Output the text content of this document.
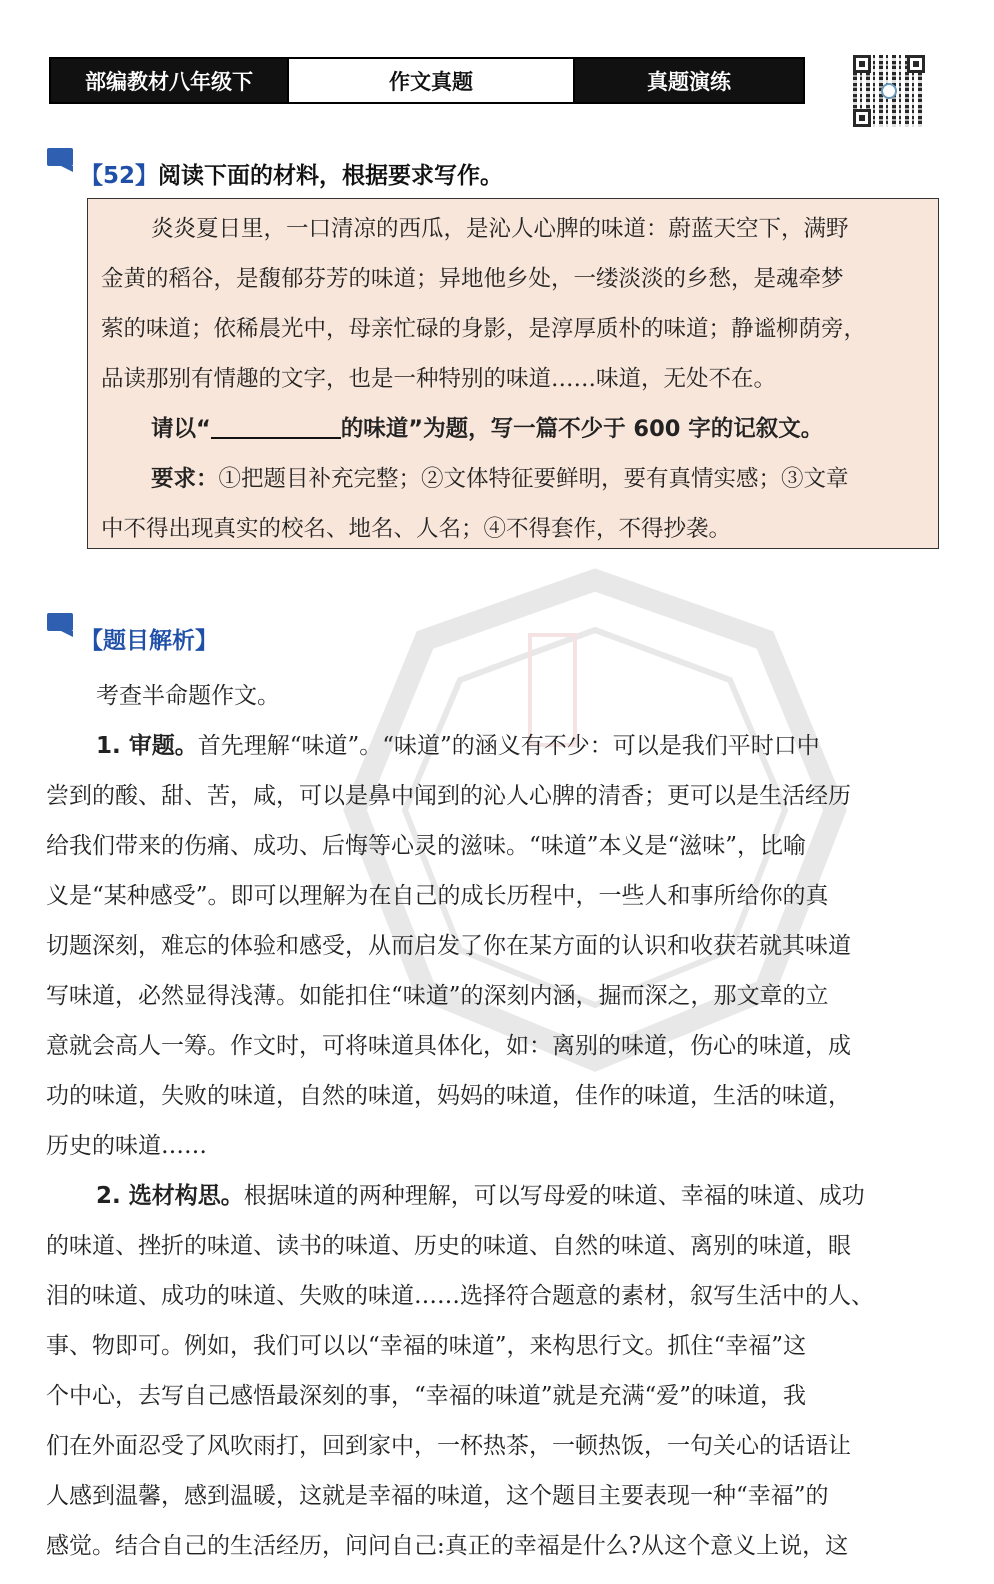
部编教材八年级下	作文真题	真题演练
【52】阅读下面的材料，根据要求写作。
炎炎夏日里，一口清凉的西瓜，是沁人心脾的味道：蔚蓝天空下，满野
金黄的稻谷，是馥郁芬芳的味道；异地他乡处，一缕淡淡的乡愁，是魂牵梦
萦的味道；依稀晨光中，母亲忙碌的身影，是淳厚质朴的味道；静谧柳荫旁，
品读那别有情趣的文字，也是一种特别的味道……味道，无处不在。
请以“	的味道”为题，写一篇不少于 600 字的记叙文。
要求：①把题目补充完整；②文体特征要鲜明，要有真情实感；③文章
中不得出现真实的校名、地名、人名；④不得套作，不得抄袭。
【题目解析】
考查半命题作文。
1. 审题。首先理解“味道”。“味道”的涵义有不少：可以是我们平时口中
尝到的酸、甜、苦，咸，可以是鼻中闻到的沁人心脾的清香；更可以是生活经历
给我们带来的伤痛、成功、后悔等心灵的滋味。“味道”本义是“滋味”，比喻
义是“某种感受”。即可以理解为在自己的成长历程中，一些人和事所给你的真
切题深刻，难忘的体验和感受，从而启发了你在某方面的认识和收获若就其味道
写味道，必然显得浅薄。如能扣住“味道”的深刻内涵，掘而深之，那文章的立
意就会高人一筹。作文时，可将味道具体化，如：离别的味道，伤心的味道，成
功的味道，失败的味道，自然的味道，妈妈的味道，佳作的味道，生活的味道，
历史的味道……
2. 选材构思。根据味道的两种理解，可以写母爱的味道、幸福的味道、成功
的味道、挫折的味道、读书的味道、历史的味道、自然的味道、离别的味道，眼
泪的味道、成功的味道、失败的味道……选择符合题意的素材，叙写生活中的人、
事、物即可。例如，我们可以以“幸福的味道”，来构思行文。抓住“幸福”这
个中心，去写自己感悟最深刻的事，“幸福的味道”就是充满“爱”的味道，我
们在外面忍受了风吹雨打，回到家中，一杯热茶，一顿热饭，一句关心的话语让
人感到温馨，感到温暖，这就是幸福的味道，这个题目主要表现一种“幸福”的
感觉。结合自己的生活经历，问问自己:真正的幸福是什么?从这个意义上说，这
